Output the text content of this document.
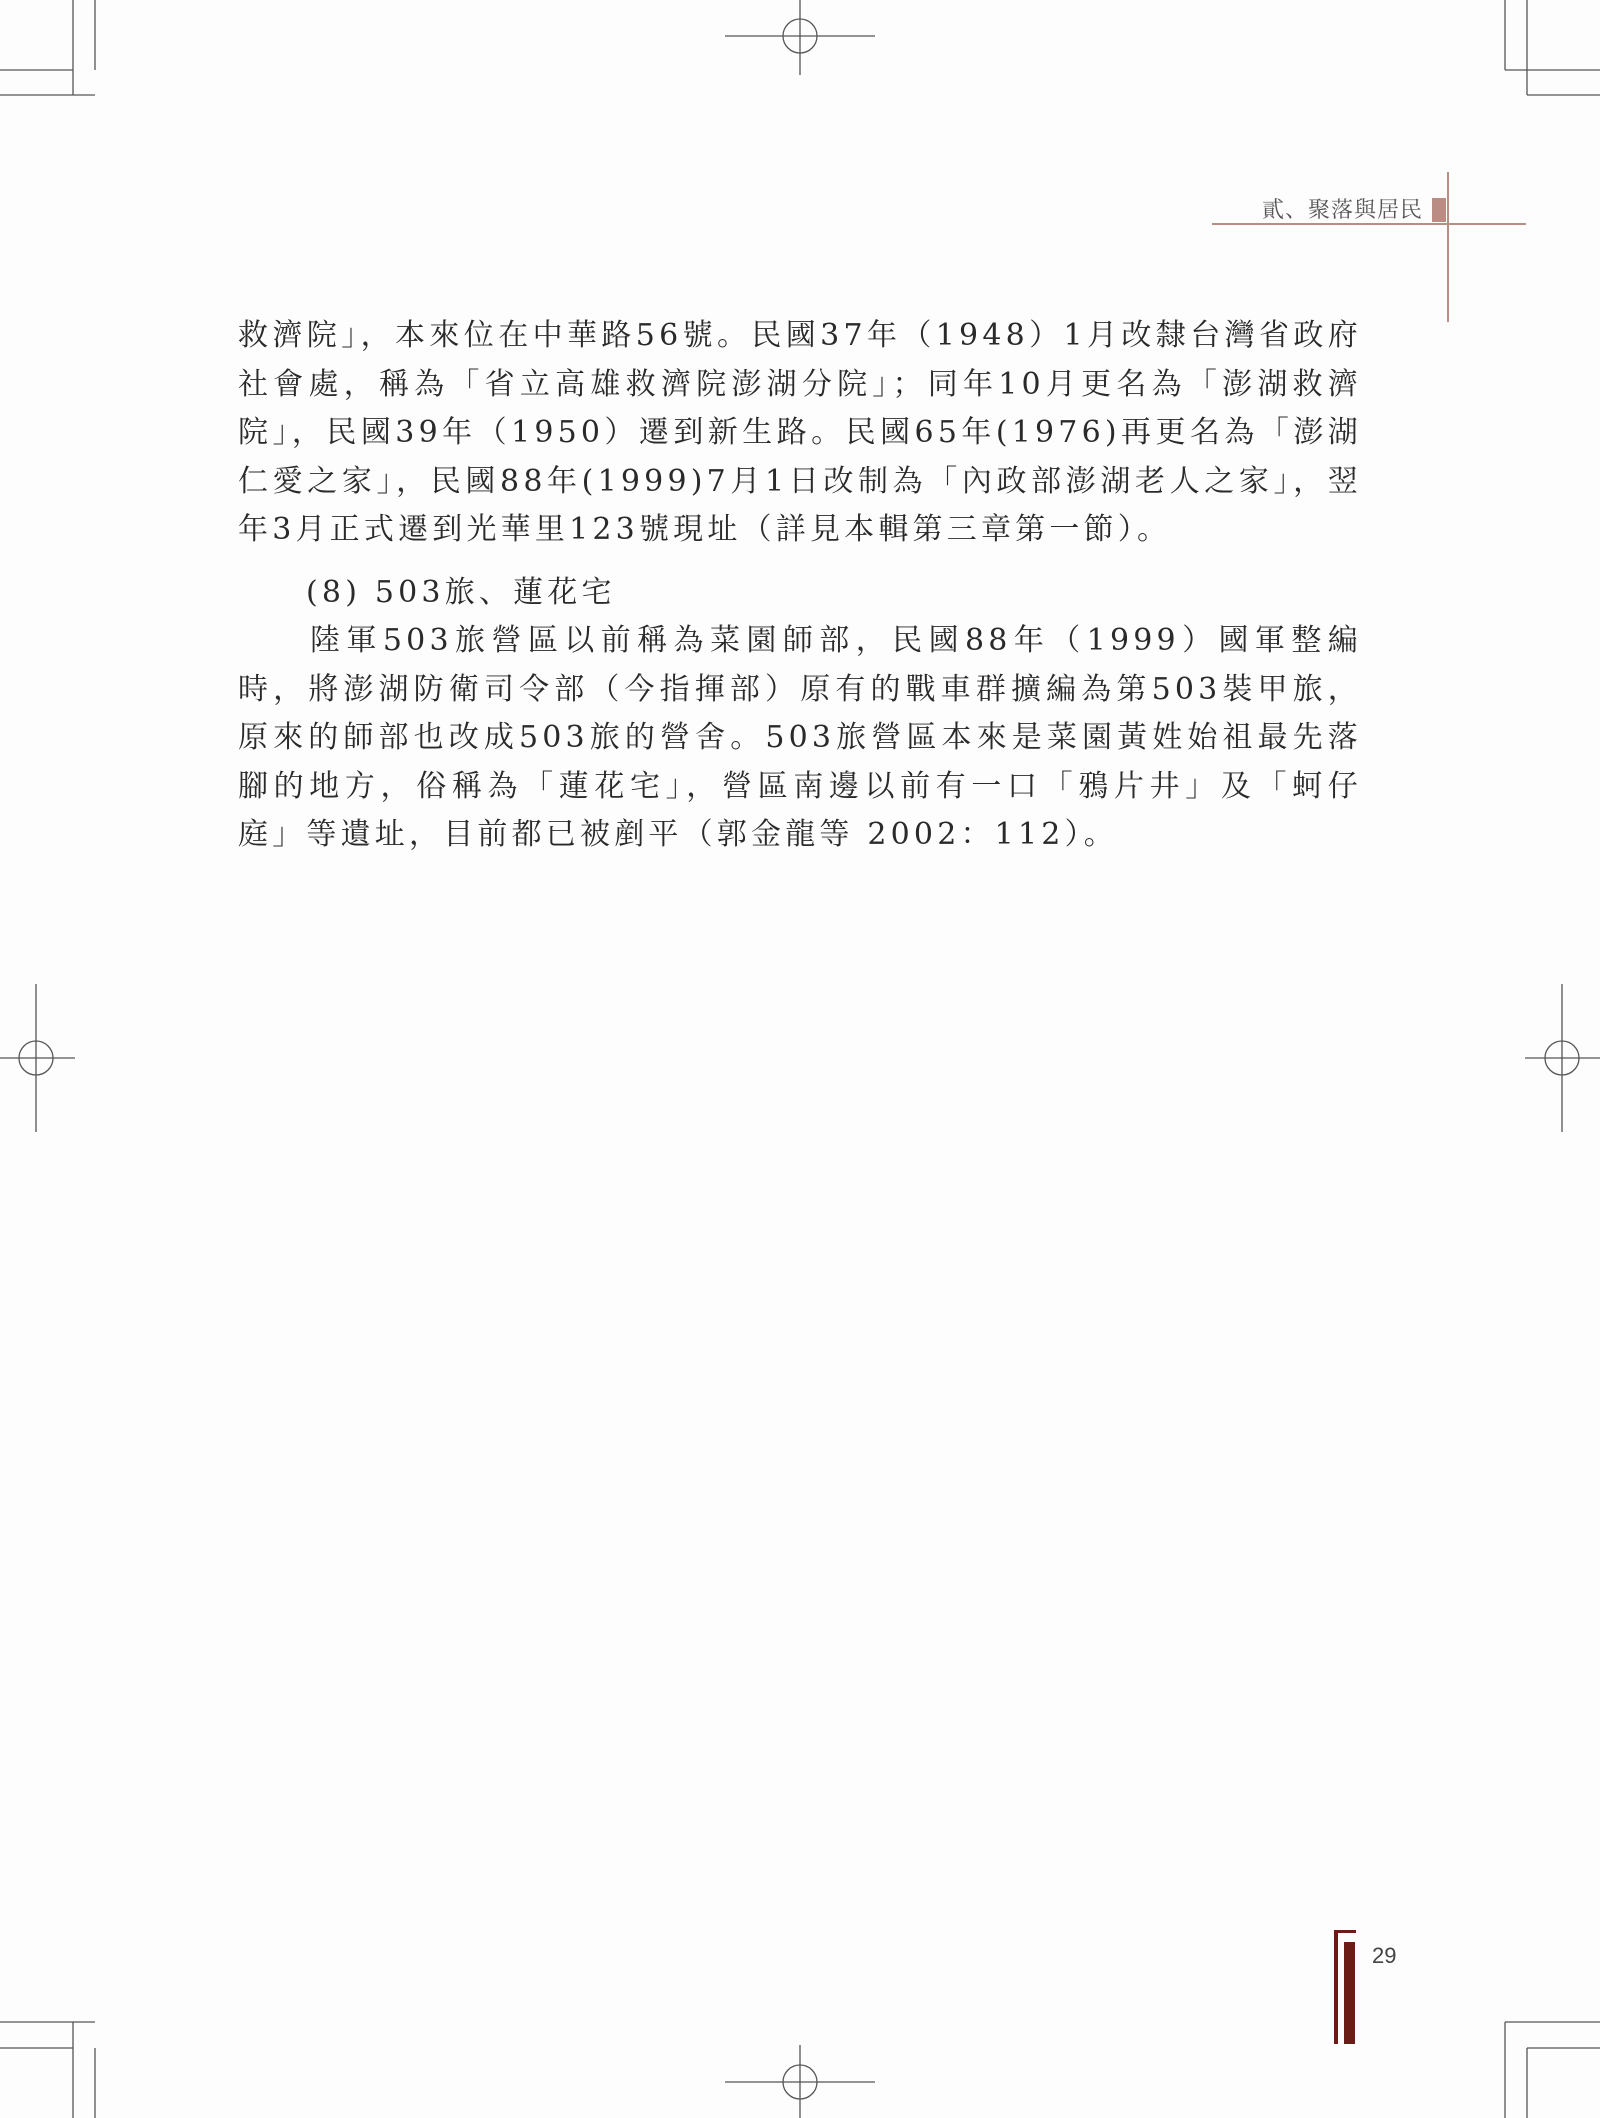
貳、聚落與居民

救濟院」，本來位在中華路56號。民國37年（1948）1月改隸台灣省政府社會處，稱為「省立高雄救濟院澎湖分院」；同年10月更名為「澎湖救濟院」，民國39年（1950）遷到新生路。民國65年(1976)再更名為「澎湖仁愛之家」，民國88年(1999)7月1日改制為「內政部澎湖老人之家」，翌年3月正式遷到光華里123號現址（詳見本輯第三章第一節）。

(8) 503旅、蓮花宅

陸軍503旅營區以前稱為菜園師部，民國88年（1999）國軍整編時，將澎湖防衛司令部（今指揮部）原有的戰車群擴編為第503裝甲旅，原來的師部也改成503旅的營舍。503旅營區本來是菜園黃姓始祖最先落腳的地方，俗稱為「蓮花宅」，營區南邊以前有一口「鴉片井」及「蚵仔庭」等遺址，目前都已被剷平（郭金龍等 2002：112）。

29
